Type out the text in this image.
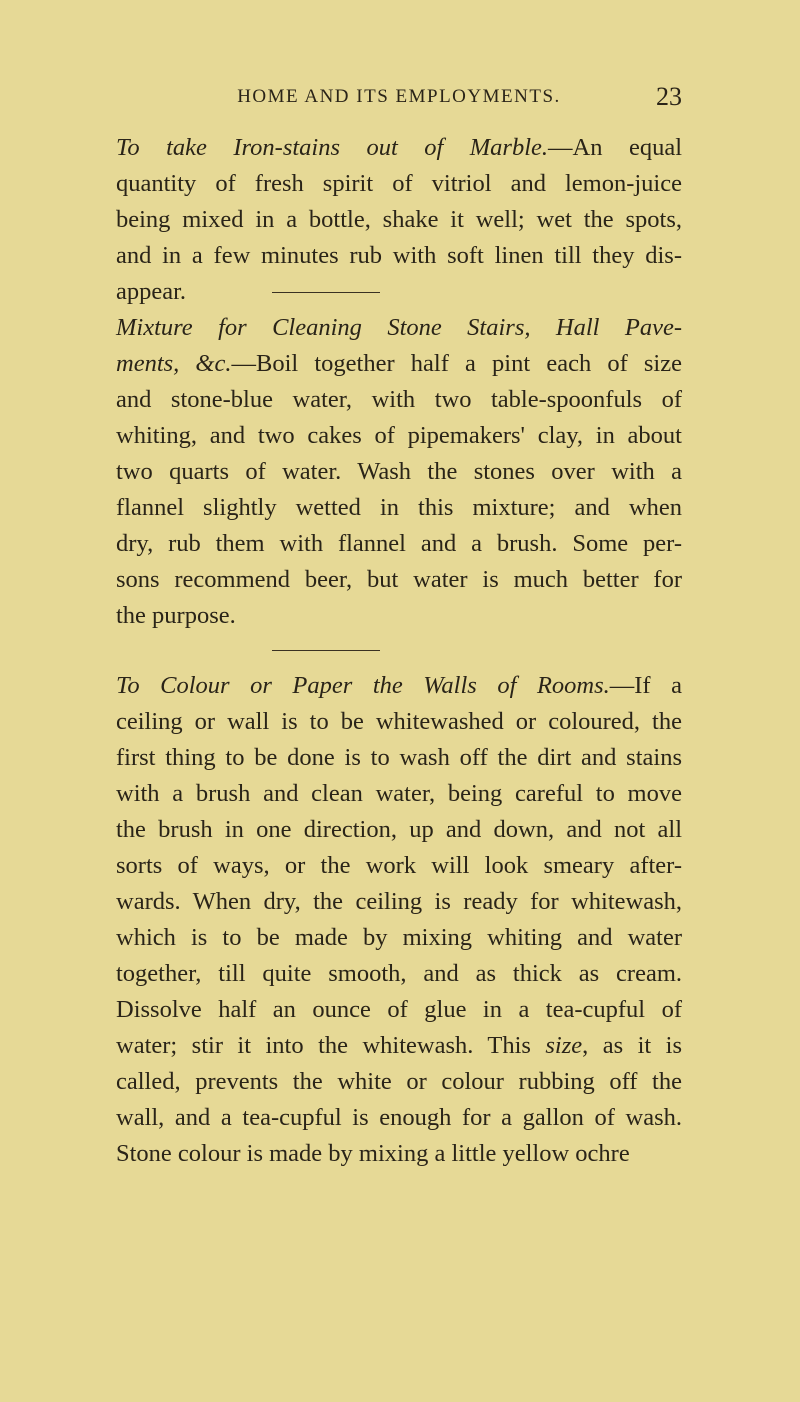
HOME AND ITS EMPLOYMENTS.	23
To take Iron-stains out of Marble.—An equal
quantity of fresh spirit of vitriol and lemon-juice
being mixed in a bottle, shake it well; wet the spots,
and in a few minutes rub with soft linen till they dis-
appear.
Mixture for Cleaning Stone Stairs, Hall Pave-
ments, &c.—Boil together half a pint each of size
and stone-blue water, with two table-spoonfuls of
whiting, and two cakes of pipemakers' clay, in about
two quarts of water. Wash the stones over with a
flannel slightly wetted in this mixture; and when
dry, rub them with flannel and a brush. Some per-
sons recommend beer, but water is much better for
the purpose.
To Colour or Paper the Walls of Rooms.—If a
ceiling or wall is to be whitewashed or coloured, the
first thing to be done is to wash off the dirt and stains
with a brush and clean water, being careful to move
the brush in one direction, up and down, and not all
sorts of ways, or the work will look smeary after-
wards. When dry, the ceiling is ready for whitewash,
which is to be made by mixing whiting and water
together, till quite smooth, and as thick as cream.
Dissolve half an ounce of glue in a tea-cupful of
water; stir it into the whitewash. This size, as it is
called, prevents the white or colour rubbing off the
wall, and a tea-cupful is enough for a gallon of wash.
Stone colour is made by mixing a little yellow ochre
